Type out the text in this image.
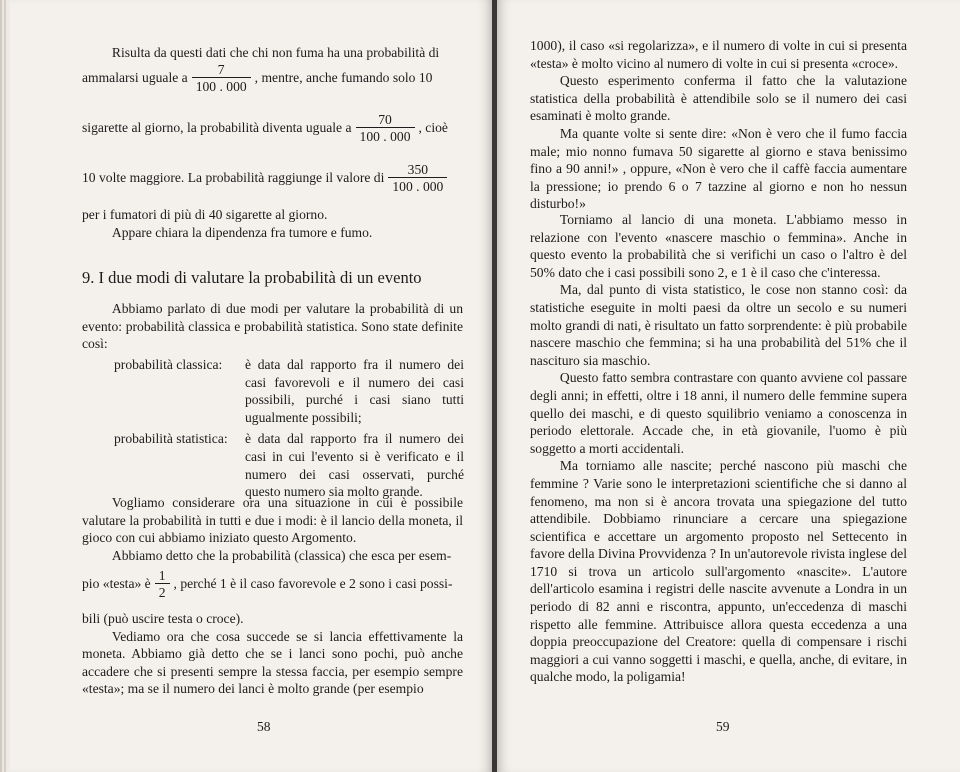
Risulta da questi dati che chi non fuma ha una probabilità di

ammalarsi uguale a $\frac{7}{100 . 000}$ , mentre, anche fumando solo 10
sigarette al giorno, la probabilità diventa uguale a $\frac{70}{100 . 000}$ , cioè
10 volte maggiore. La probabilità raggiunge il valore di $\frac{350}{100 . 000}$

per i fumatori di più di 40 sigarette al giorno.

Appare chiara la dipendenza fra tumore e fumo.

9. I due modi di valutare la probabilità di un evento

Abbiamo parlato di due modi per valutare la probabilità di un evento: probabilità classica e probabilità statistica. Sono state definite così:

probabilità classica:	è data dal rapporto fra il numero dei casi favorevoli e il numero dei casi possibili, purché i casi siano tutti ugualmente possibili;
probabilità statistica:	è data dal rapporto fra il numero dei casi in cui l'evento si è verificato e il numero dei casi osservati, purché questo numero sia molto grande.

Vogliamo considerare ora una situazione in cui è possibile valutare la probabilità in tutti e due i modi: è il lancio della moneta, il gioco con cui abbiamo iniziato questo Argomento.

Abbiamo detto che la probabilità (classica) che esca per esem-

pio «testa» è $\frac{1}{2}$ , perché 1 è il caso favorevole e 2 sono i casi possi-

bili (può uscire testa o croce).

Vediamo ora che cosa succede se si lancia effettivamente la moneta. Abbiamo già detto che se i lanci sono pochi, può anche accadere che si presenti sempre la stessa faccia, per esempio sempre «testa»; ma se il numero dei lanci è molto grande (per esempio

58

1000), il caso «si regolarizza», e il numero di volte in cui si presenta «testa» è molto vicino al numero di volte in cui si presenta «croce».

Questo esperimento conferma il fatto che la valutazione statistica della probabilità è attendibile solo se il numero dei casi esaminati è molto grande.

Ma quante volte si sente dire: «Non è vero che il fumo faccia male; mio nonno fumava 50 sigarette al giorno e stava benissimo fino a 90 anni!» , oppure, «Non è vero che il caffè faccia aumentare la pressione; io prendo 6 o 7 tazzine al giorno e non ho nessun disturbo!»

Torniamo al lancio di una moneta. L'abbiamo messo in relazione con l'evento «nascere maschio o femmina». Anche in questo evento la probabilità che si verifichi un caso o l'altro è del 50% dato che i casi possibili sono 2, e 1 è il caso che c'interessa.

Ma, dal punto di vista statistico, le cose non stanno così: da statistiche eseguite in molti paesi da oltre un secolo e su numeri molto grandi di nati, è risultato un fatto sorprendente: è più probabile nascere maschio che femmina; si ha una probabilità del 51% che il nascituro sia maschio.

Questo fatto sembra contrastare con quanto avviene col passare degli anni; in effetti, oltre i 18 anni, il numero delle femmine supera quello dei maschi, e di questo squilibrio veniamo a conoscenza in periodo elettorale. Accade che, in età giovanile, l'uomo è più soggetto a morti accidentali.

Ma torniamo alle nascite; perché nascono più maschi che femmine ? Varie sono le interpretazioni scientifiche che si danno al fenomeno, ma non si è ancora trovata una spiegazione del tutto attendibile. Dobbiamo rinunciare a cercare una spiegazione scientifica e accettare un argomento proposto nel Settecento in favore della Divina Provvidenza ? In un'autorevole rivista inglese del 1710 si trova un articolo sull'argomento «nascite». L'autore dell'articolo esamina i registri delle nascite avvenute a Londra in un periodo di 82 anni e riscontra, appunto, un'eccedenza di maschi rispetto alle femmine. Attribuisce allora questa eccedenza a una doppia preoccupazione del Creatore: quella di compensare i rischi maggiori a cui vanno soggetti i maschi, e quella, anche, di evitare, in qualche modo, la poligamia!

59
